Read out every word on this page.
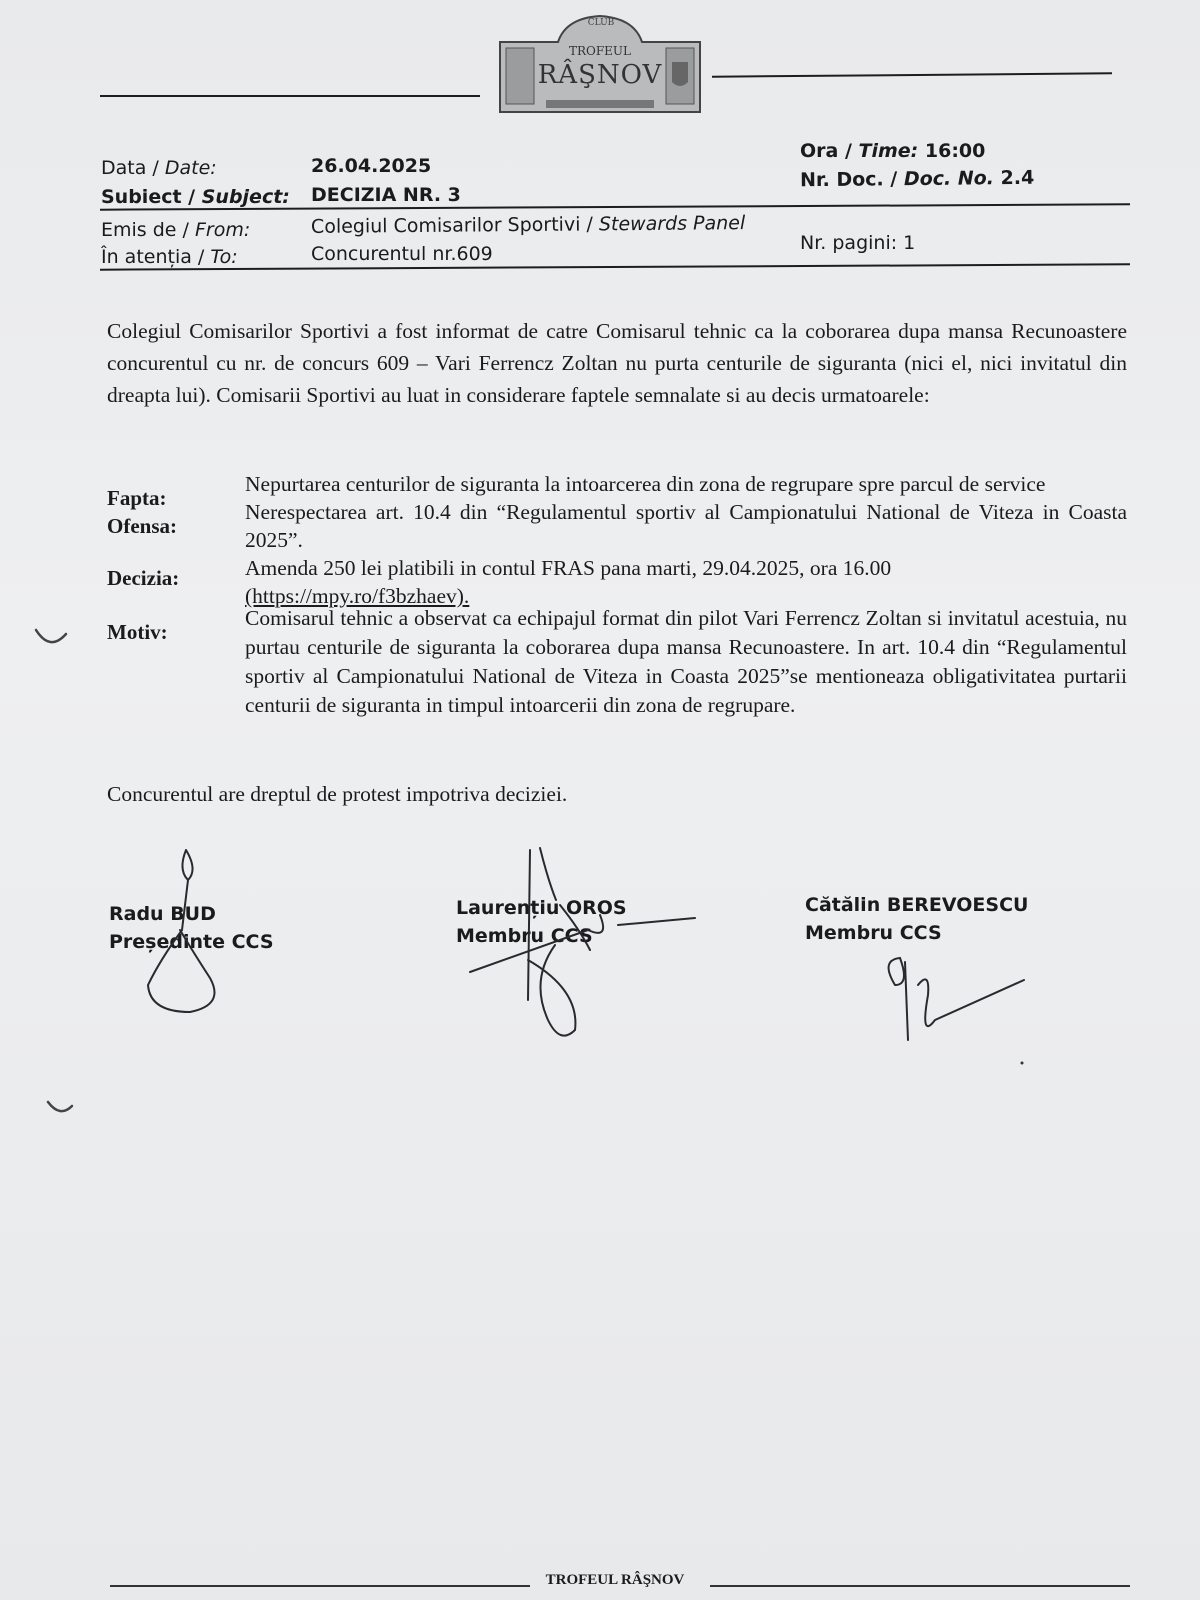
CLUB
TROFEUL
RÂŞNOV
Data / Date:	26.04.2025
Ora / Time: 16:00
Subiect / Subject: DECIZIA NR. 3
Nr. Doc. / Doc. No. 2.4
Emis de / From:	Colegiul Comisarilor Sportivi / Stewards Panel
În atenția / To:	Concurentul nr.609	Nr. pagini: 1
Colegiul Comisarilor Sportivi a fost informat de catre Comisarul tehnic ca la coborarea dupa mansa Recunoastere concurentul cu nr. de concurs 609 – Vari Ferrencz Zoltan nu purta centurile de siguranta (nici el, nici invitatul din dreapta lui). Comisarii Sportivi au luat in considerare faptele semnalate si au decis urmatoarele:
Fapta:
Nepurtarea centurilor de siguranta la intoarcerea din zona de regrupare spre parcul de service
Ofensa:
Nerespectarea art. 10.4 din “Regulamentul sportiv al Campionatului National de Viteza in Coasta 2025”.
Decizia:	Amenda 250 lei platibili in contul FRAS pana marti, 29.04.2025, ora 16.00
(https://mpy.ro/f3bzhaev).
Motiv:
Comisarul tehnic a observat ca echipajul format din pilot Vari Ferrencz Zoltan si invitatul acestuia, nu purtau centurile de siguranta la coborarea dupa mansa Recunoastere. In art. 10.4 din “Regulamentul sportiv al Campionatului National de Viteza in Coasta 2025”se mentioneaza obligativitatea purtarii centurii de siguranta in timpul intoarcerii din zona de regrupare.
Concurentul are dreptul de protest impotriva deciziei.
Radu BUD
Președinte CCS
Laurențiu OROS
Membru CCS
Cătălin BEREVOESCU
Membru CCS
TROFEUL RÂŞNOV
